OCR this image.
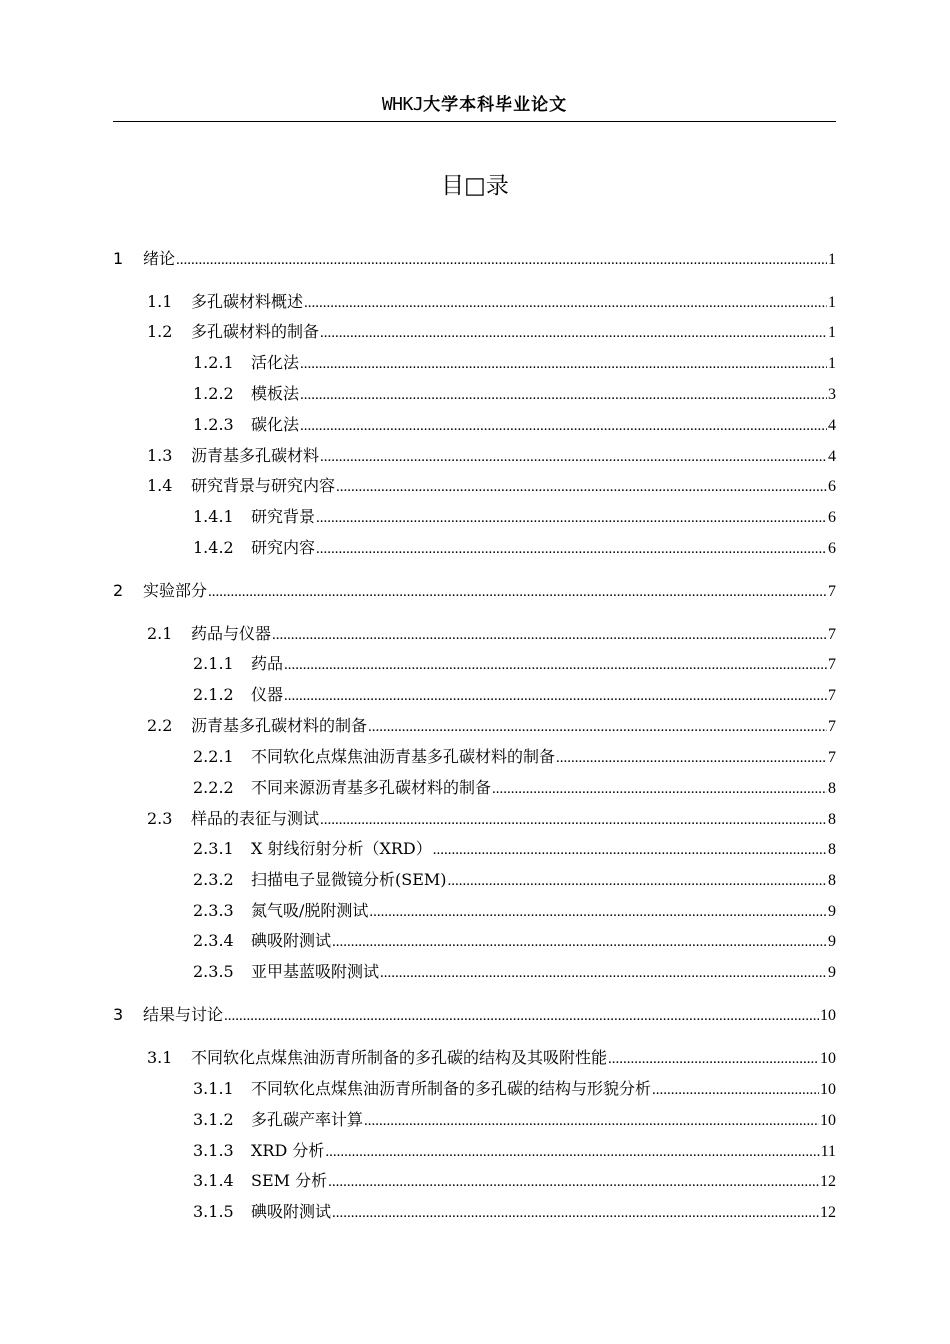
WHKJ大学本科毕业论文
目□录
1	绪论 .....	1
1.1	多孔碳材料概述 .....	1
1.2	多孔碳材料的制备 .....	1
1.2.1	活化法 .....	1
1.2.2	模板法 .....	3
1.2.3	碳化法 .....	4
1.3	沥青基多孔碳材料 .....	4
1.4	研究背景与研究内容 .....	6
1.4.1	研究背景 .....	6
1.4.2	研究内容 .....	6
2	实验部分 .....	7
2.1	药品与仪器 .....	7
2.1.1	药品 .....	7
2.1.2	仪器 .....	7
2.2	沥青基多孔碳材料的制备 .....	7
2.2.1	不同软化点煤焦油沥青基多孔碳材料的制备 .....	7
2.2.2	不同来源沥青基多孔碳材料的制备 .....	8
2.3	样品的表征与测试 .....	8
2.3.1	X 射线衍射分析（XRD） .....	8
2.3.2	扫描电子显微镜分析(SEM) .....	8
2.3.3	氮气吸/脱附测试 .....	9
2.3.4	碘吸附测试 .....	9
2.3.5	亚甲基蓝吸附测试 .....	9
3	结果与讨论 .....	10
3.1	不同软化点煤焦油沥青所制备的多孔碳的结构及其吸附性能 .....	10
3.1.1	不同软化点煤焦油沥青所制备的多孔碳的结构与形貌分析 .....	10
3.1.2	多孔碳产率计算 .....	10
3.1.3	XRD 分析 .....	11
3.1.4	SEM 分析 .....	12
3.1.5	碘吸附测试 .....	12
